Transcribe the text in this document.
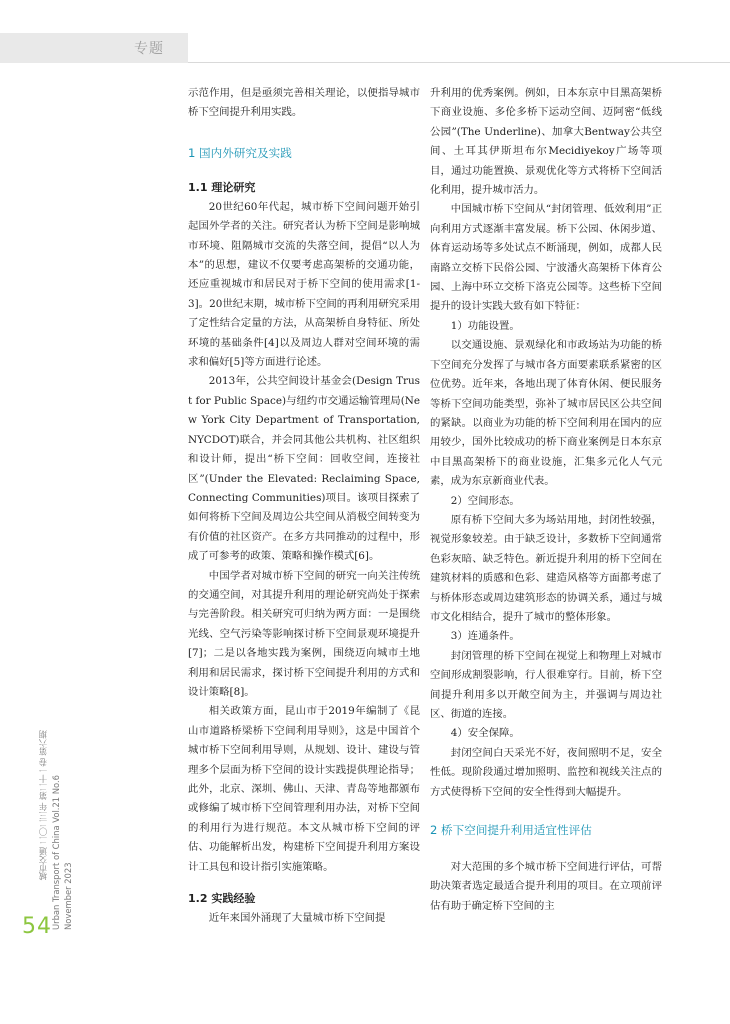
专题

示范作用，但是亟须完善相关理论，以便指导城市桥下空间提升利用实践。

1 国内外研究及实践
1.1 理论研究

20世纪60年代起，城市桥下空间问题开始引起国外学者的关注。研究者认为桥下空间是影响城市环境、阻隔城市交流的失落空间，提倡“以人为本”的思想，建议不仅要考虑高架桥的交通功能，还应重视城市和居民对于桥下空间的使用需求[1-3]。20世纪末期，城市桥下空间的再利用研究采用了定性结合定量的方法，从高架桥自身特征、所处环境的基础条件[4]以及周边人群对空间环境的需求和偏好[5]等方面进行论述。

2013年，公共空间设计基金会(Design Trust for Public Space)与纽约市交通运输管理局(New York City Department of Transportation, NYCDOT)联合，并会同其他公共机构、社区组织和设计师，提出“桥下空间：回收空间，连接社区”(Under the Elevated: Reclaiming Space, Connecting Communities)项目。该项目探索了如何将桥下空间及周边公共空间从消极空间转变为有价值的社区资产。在多方共同推动的过程中，形成了可参考的政策、策略和操作模式[6]。

中国学者对城市桥下空间的研究一向关注传统的交通空间，对其提升利用的理论研究尚处于探索与完善阶段。相关研究可归纳为两方面：一是围绕光线、空气污染等影响探讨桥下空间景观环境提升[7]；二是以各地实践为案例，围绕迈向城市土地利用和居民需求，探讨桥下空间提升利用的方式和设计策略[8]。

相关政策方面，昆山市于2019年编制了《昆山市道路桥梁桥下空间利用导则》，这是中国首个城市桥下空间利用导则，从规划、设计、建设与管理多个层面为桥下空间的设计实践提供理论指导；此外，北京、深圳、佛山、天津、青岛等地都颁布或修编了城市桥下空间管理利用办法，对桥下空间的利用行为进行规范。本文从城市桥下空间的评估、功能解析出发，构建桥下空间提升利用方案设计工具包和设计指引实施策略。

1.2 实践经验

近年来国外涌现了大量城市桥下空间提

升利用的优秀案例。例如，日本东京中目黑高架桥下商业设施、多伦多桥下运动空间、迈阿密“低线公园”(The Underline)、加拿大Bentway公共空间、土耳其伊斯坦布尔Mecidiyekoy广场等项目，通过功能置换、景观优化等方式将桥下空间活化利用，提升城市活力。

中国城市桥下空间从“封闭管理、低效利用”正向利用方式逐渐丰富发展。桥下公园、休闲步道、体育运动场等多处试点不断涌现，例如，成都人民南路立交桥下民俗公园、宁波潘火高架桥下体育公园、上海中环立交桥下洛克公园等。这些桥下空间提升的设计实践大致有如下特征：

1）功能设置。

以交通设施、景观绿化和市政场站为功能的桥下空间充分发挥了与城市各方面要素联系紧密的区位优势。近年来，各地出现了体育休闲、便民服务等桥下空间功能类型，弥补了城市居民区公共空间的紧缺。以商业为功能的桥下空间利用在国内的应用较少，国外比较成功的桥下商业案例是日本东京中目黑高架桥下的商业设施，汇集多元化人气元素，成为东京新商业代表。

2）空间形态。

原有桥下空间大多为场站用地，封闭性较强，视觉形象较差。由于缺乏设计，多数桥下空间通常色彩灰暗、缺乏特色。新近提升利用的桥下空间在建筑材料的质感和色彩、建造风格等方面都考虑了与桥体形态或周边建筑形态的协调关系，通过与城市文化相结合，提升了城市的整体形象。

3）连通条件。

封闭管理的桥下空间在视觉上和物理上对城市空间形成割裂影响，行人很难穿行。目前，桥下空间提升利用多以开敞空间为主，并强调与周边社区、街道的连接。

4）安全保障。

封闭空间白天采光不好，夜间照明不足，安全性低。现阶段通过增加照明、监控和视线关注点的方式使得桥下空间的安全性得到大幅提升。

2 桥下空间提升利用适宜性评估

对大范围的多个城市桥下空间进行评估，可帮助决策者选定最适合提升利用的项目。在立项前评估有助于确定桥下空间的主

城市交通 二〇二三年 第二十一卷 第六期 Urban Transport of China Vol.21 No.6 November 2023
54
